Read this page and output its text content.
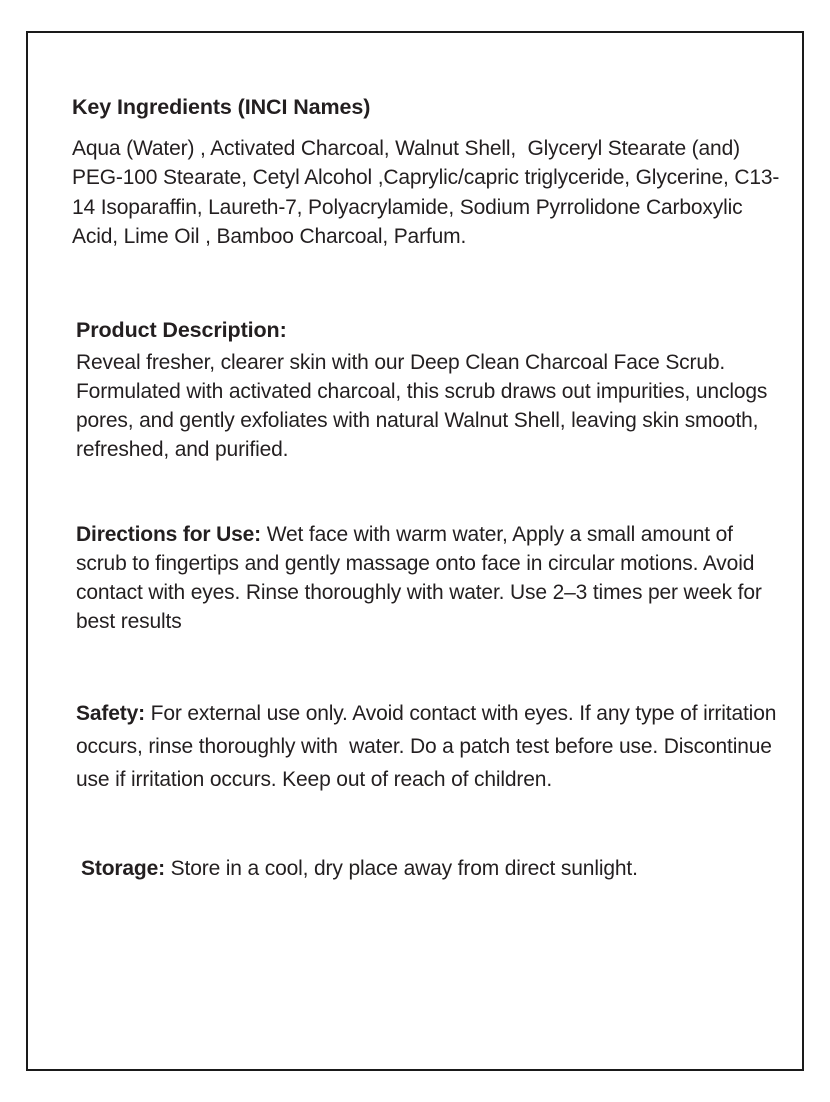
Key Ingredients (INCI Names)

Aqua (Water) , Activated Charcoal, Walnut Shell,  Glyceryl Stearate (and) PEG-100 Stearate, Cetyl Alcohol ,Caprylic/capric triglyceride, Glycerine, C13-14 Isoparaffin, Laureth-7, Polyacrylamide, Sodium Pyrrolidone Carboxylic Acid, Lime Oil , Bamboo Charcoal, Parfum.

Product Description:

Reveal fresher, clearer skin with our Deep Clean Charcoal Face Scrub. Formulated with activated charcoal, this scrub draws out impurities, unclogs pores, and gently exfoliates with natural Walnut Shell, leaving skin smooth, refreshed, and purified.

Directions for Use: Wet face with warm water, Apply a small amount of scrub to fingertips and gently massage onto face in circular motions. Avoid contact with eyes. Rinse thoroughly with water. Use 2–3 times per week for best results

Safety: For external use only. Avoid contact with eyes. If any type of irritation occurs, rinse thoroughly with  water. Do a patch test before use. Discontinue use if irritation occurs. Keep out of reach of children.

Storage: Store in a cool, dry place away from direct sunlight.
